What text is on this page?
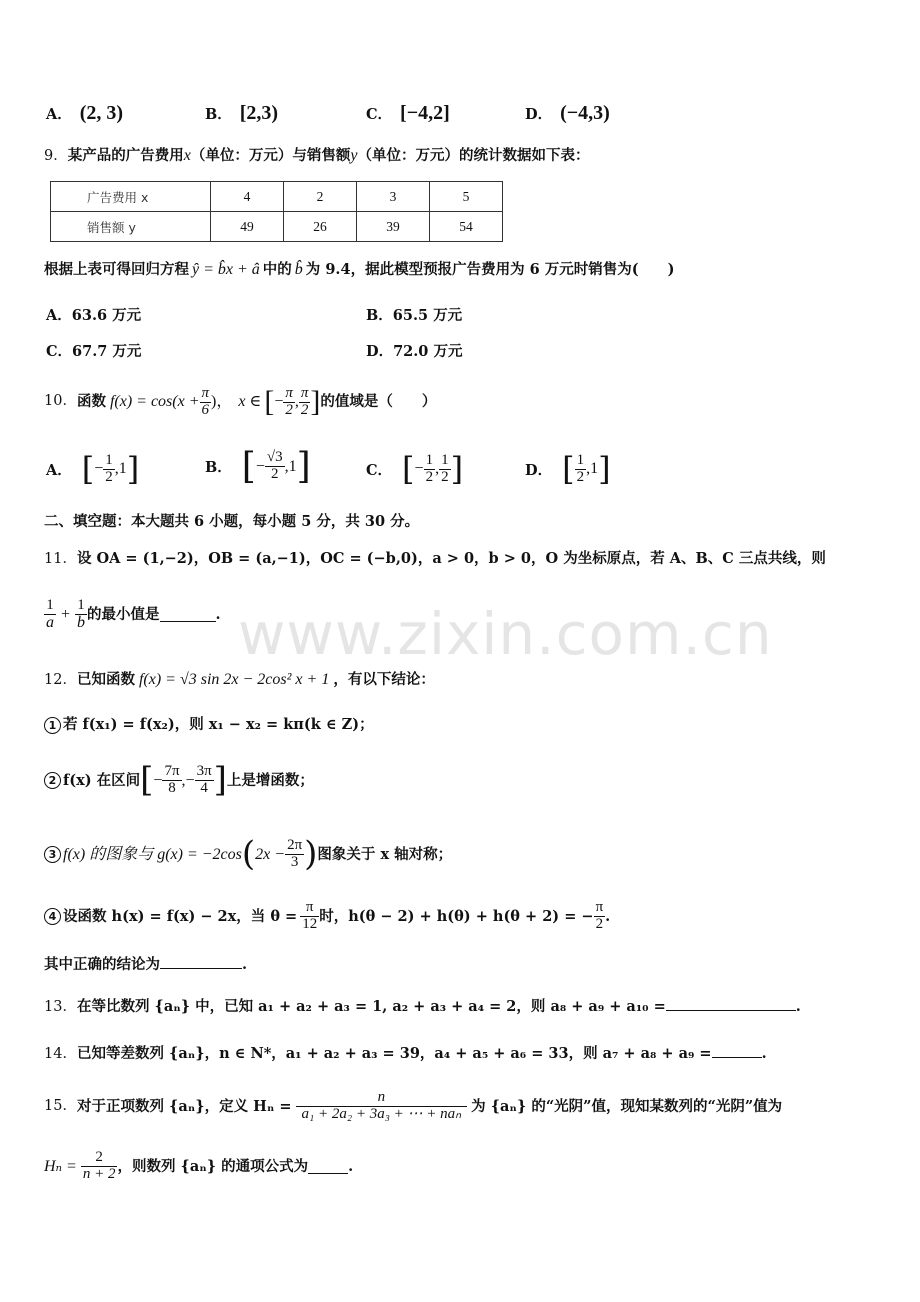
A． (2, 3)	B． [2,3)	C． [−4,2]	D． (−4,3)
9．某产品的广告费用x（单位：万元）与销售额y（单位：万元）的统计数据如下表：
广告费用 x	4	2	3	5
销售额 y	49	26	39	54
根据上表可得回归方程 ŷ = b̂x + â 中的 b̂ 为 9.4，据此模型预报广告费用为 6 万元时销售为(　　)
A．63.6 万元	B．65.5 万元
C．67.7 万元	D．72.0 万元
10． 函数 $f(x) = \cos(x + \frac{\pi}{6}$ )， x ∈ [ − $\frac{\pi}{2}$ , $\frac{\pi}{2}$ ] 的值域是（　　）
A． [ − $\frac{1}{2} ,1$ ]	B． [ − $\frac{√3}{2} ,1$ ]	C． [ − $\frac{1}{2}$ , $\frac{1}{2}$ ]	D． [ $\frac{1}{2} ,1$ ]
二、填空题：本大题共 6 小题，每小题 5 分，共 30 分。
11．设 OA = (1,−2)，OB = (a,−1)，OC = (−b,0)，a > 0，b > 0，O 为坐标原点，若 A、B、C 三点共线，则
$\frac{1}{a} + \frac{1}{b}$ 的最小值是	. www.zixin.com.cn
12．已知函数 f(x) = √3 sin 2x − 2cos² x + 1 ，有以下结论：
1 若 f(x₁) = f(x₂)，则 x₁ − x₂ = kπ(k ∈ Z)；
2 f(x) 在区间 [ − $\frac{7\pi}{8}$ ,− $\frac{3\pi}{4}$ ] 上是增函数；
3 f(x) 的图象与 g(x) = −2cos ( $2x - \frac{2\pi}{3}$ ) 图象关于 x 轴对称；
4 设函数 h(x) = f(x) − 2x，当 $\theta = \frac{\pi}{12}$ 时，h(θ − 2) + h(θ) + h(θ + 2) = − $\frac{\pi}{2}$ .
其中正确的结论为	.
13．在等比数列 {aₙ} 中，已知 a₁ + a₂ + a₃ = 1, a₂ + a₃ + a₄ = 2，则 a₈ + a₉ + a₁₀ =	.
14．已知等差数列 {aₙ}，n ∈ N*，a₁ + a₂ + a₃ = 39，a₄ + a₅ + a₆ = 33，则 a₇ + a₈ + a₉ =	.
15． 对于正项数列 {aₙ}，定义 $H_n = \frac{n}{\text{a₁ + 2a₂ + 3a₃ + ⋯ + naₙ}}$ 为 {aₙ} 的“光阴”值，现知某数列的“光阴”值为
$H_n = \frac{2}{n + 2}$ ，则数列 {aₙ} 的通项公式为	.
